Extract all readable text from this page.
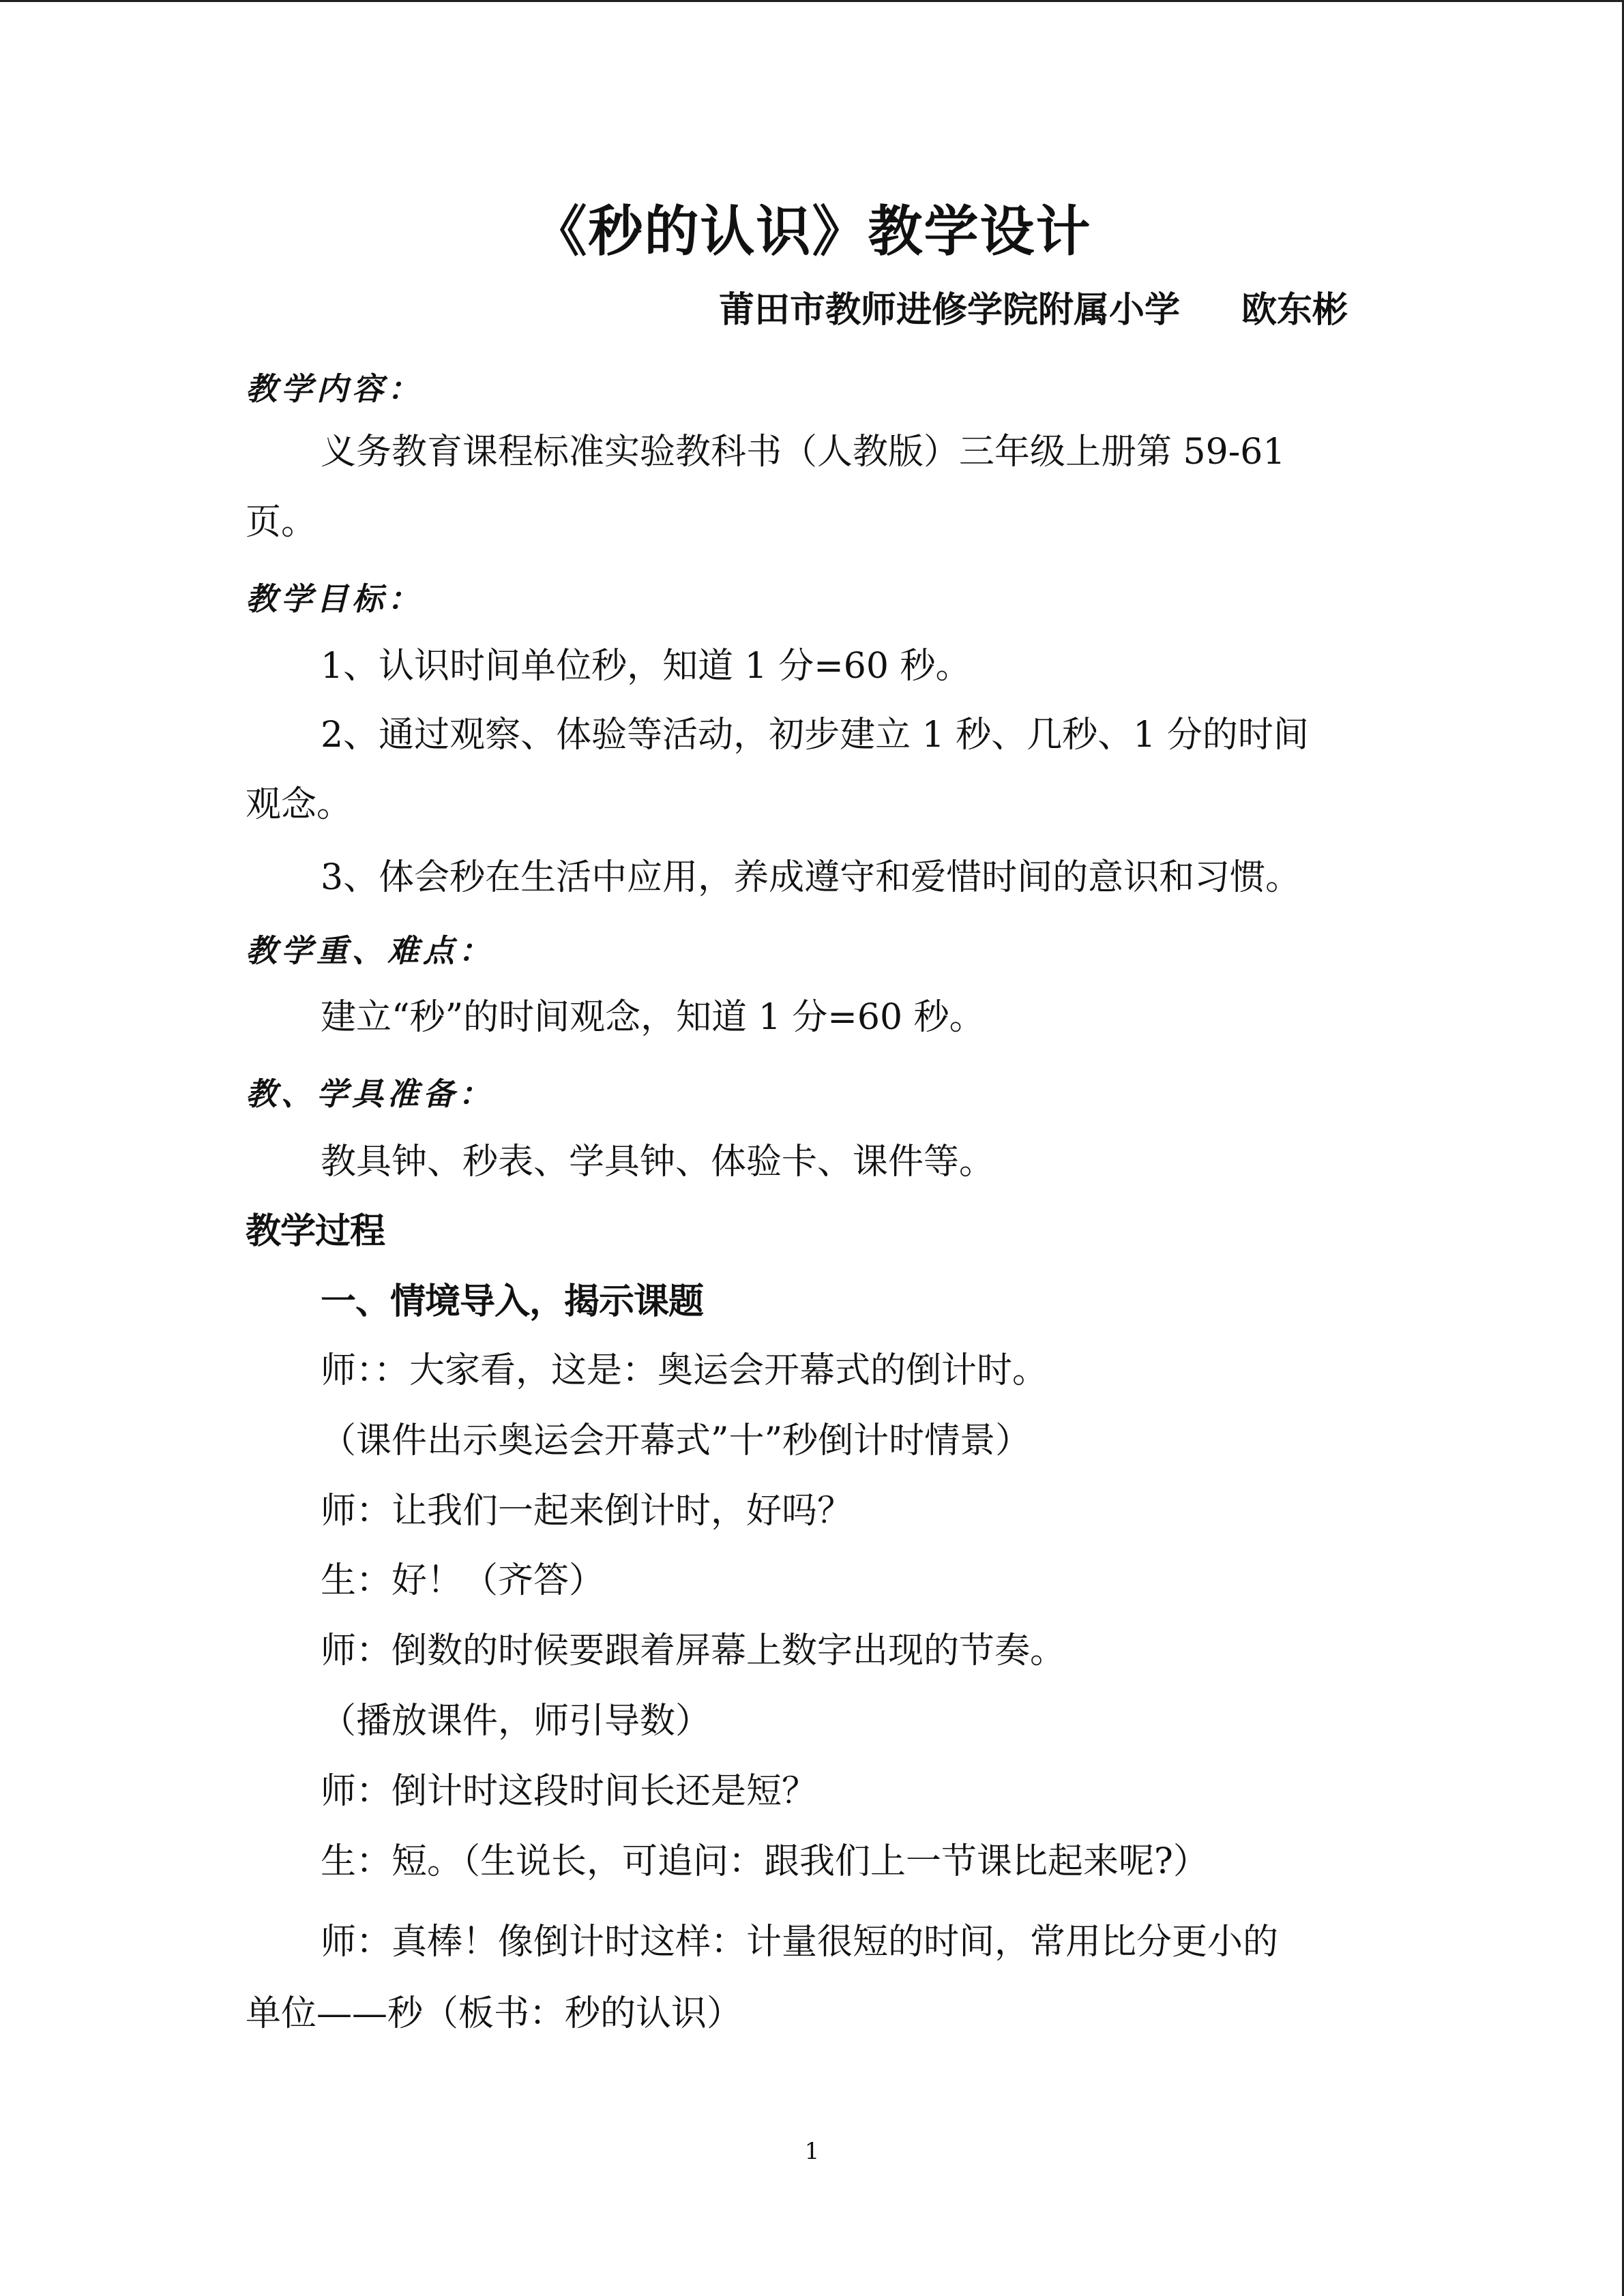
《秒的认识》教学设计
莆田市教师进修学院附属小学 欧东彬
教学内容：
义务教育课程标准实验教科书（人教版）三年级上册第 59-61
页。
教学目标：
1、认识时间单位秒，知道 1 分=60 秒。
2、通过观察、体验等活动，初步建立 1 秒、几秒、1 分的时间
观念。
3、体会秒在生活中应用，养成遵守和爱惜时间的意识和习惯。
教学重、难点：
建立“秒”的时间观念，知道 1 分=60 秒。
教、学具准备：
教具钟、秒表、学具钟、体验卡、课件等。
教学过程
一、情境导入，揭示课题
师：：大家看，这是：奥运会开幕式的倒计时。
（课件出示奥运会开幕式”十”秒倒计时情景）
师：让我们一起来倒计时，好吗？
生：好！（齐答）
师：倒数的时候要跟着屏幕上数字出现的节奏。
（播放课件，师引导数）
师：倒计时这段时间长还是短？
生：短。（生说长，可追问：跟我们上一节课比起来呢?）
师：真棒！像倒计时这样：计量很短的时间，常用比分更小的
单位——秒（板书：秒的认识）
1
